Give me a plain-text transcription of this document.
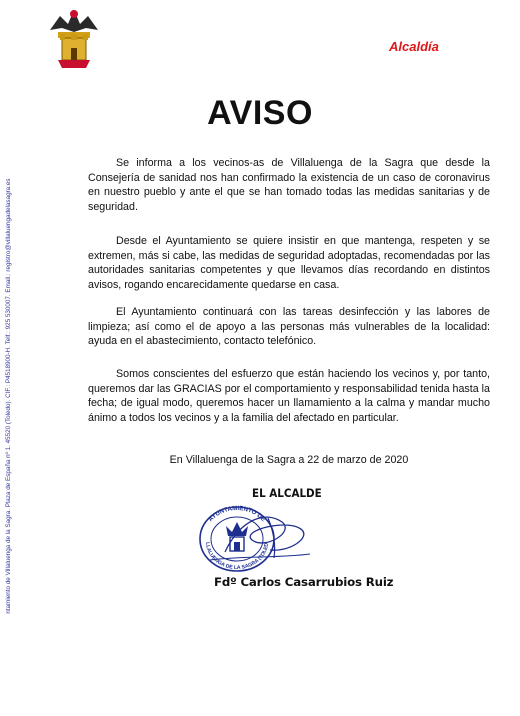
Alcaldía
ntamiento de Villaluenga de la Sagra. Plaza de España nº 1. 45520 (Toledo). CIF.: P4518900-H. Telf.: 925 530007. Email.: registro@villaluengadelasagra.es
AVISO
Se informa a los vecinos-as de Villaluenga de la Sagra que desde la Consejería de sanidad nos han confirmado la existencia de un caso de coronavirus en nuestro pueblo y ante el que se han tomado todas las medidas sanitarias y de seguridad.
Desde el Ayuntamiento se quiere insistir en que mantenga, respeten y se extremen, más si cabe, las medidas de seguridad adoptadas, recomendadas por las autoridades sanitarias competentes y que llevamos días recordando en distintos avisos, rogando encarecidamente quedarse en casa.
El Ayuntamiento continuará con las tareas desinfección y las labores de limpieza; así como el de apoyo a las personas más vulnerables de la localidad: ayuda en el abastecimiento, contacto telefónico.
Somos conscientes del esfuerzo que están haciendo los vecinos y, por tanto, queremos dar las GRACIAS por el comportamiento y responsabilidad tenida hasta la fecha; de igual modo, queremos hacer un llamamiento a la calma y mandar mucho ánimo a todos los vecinos y a la familia del afectado en particular.
En Villaluenga de la Sagra a 22 de marzo de 2020
EL ALCALDE
AYUNTAMIENTO DE
LLALUENGA DE LA SAGRA (TOLED
Fdº Carlos Casarrubios Ruiz
